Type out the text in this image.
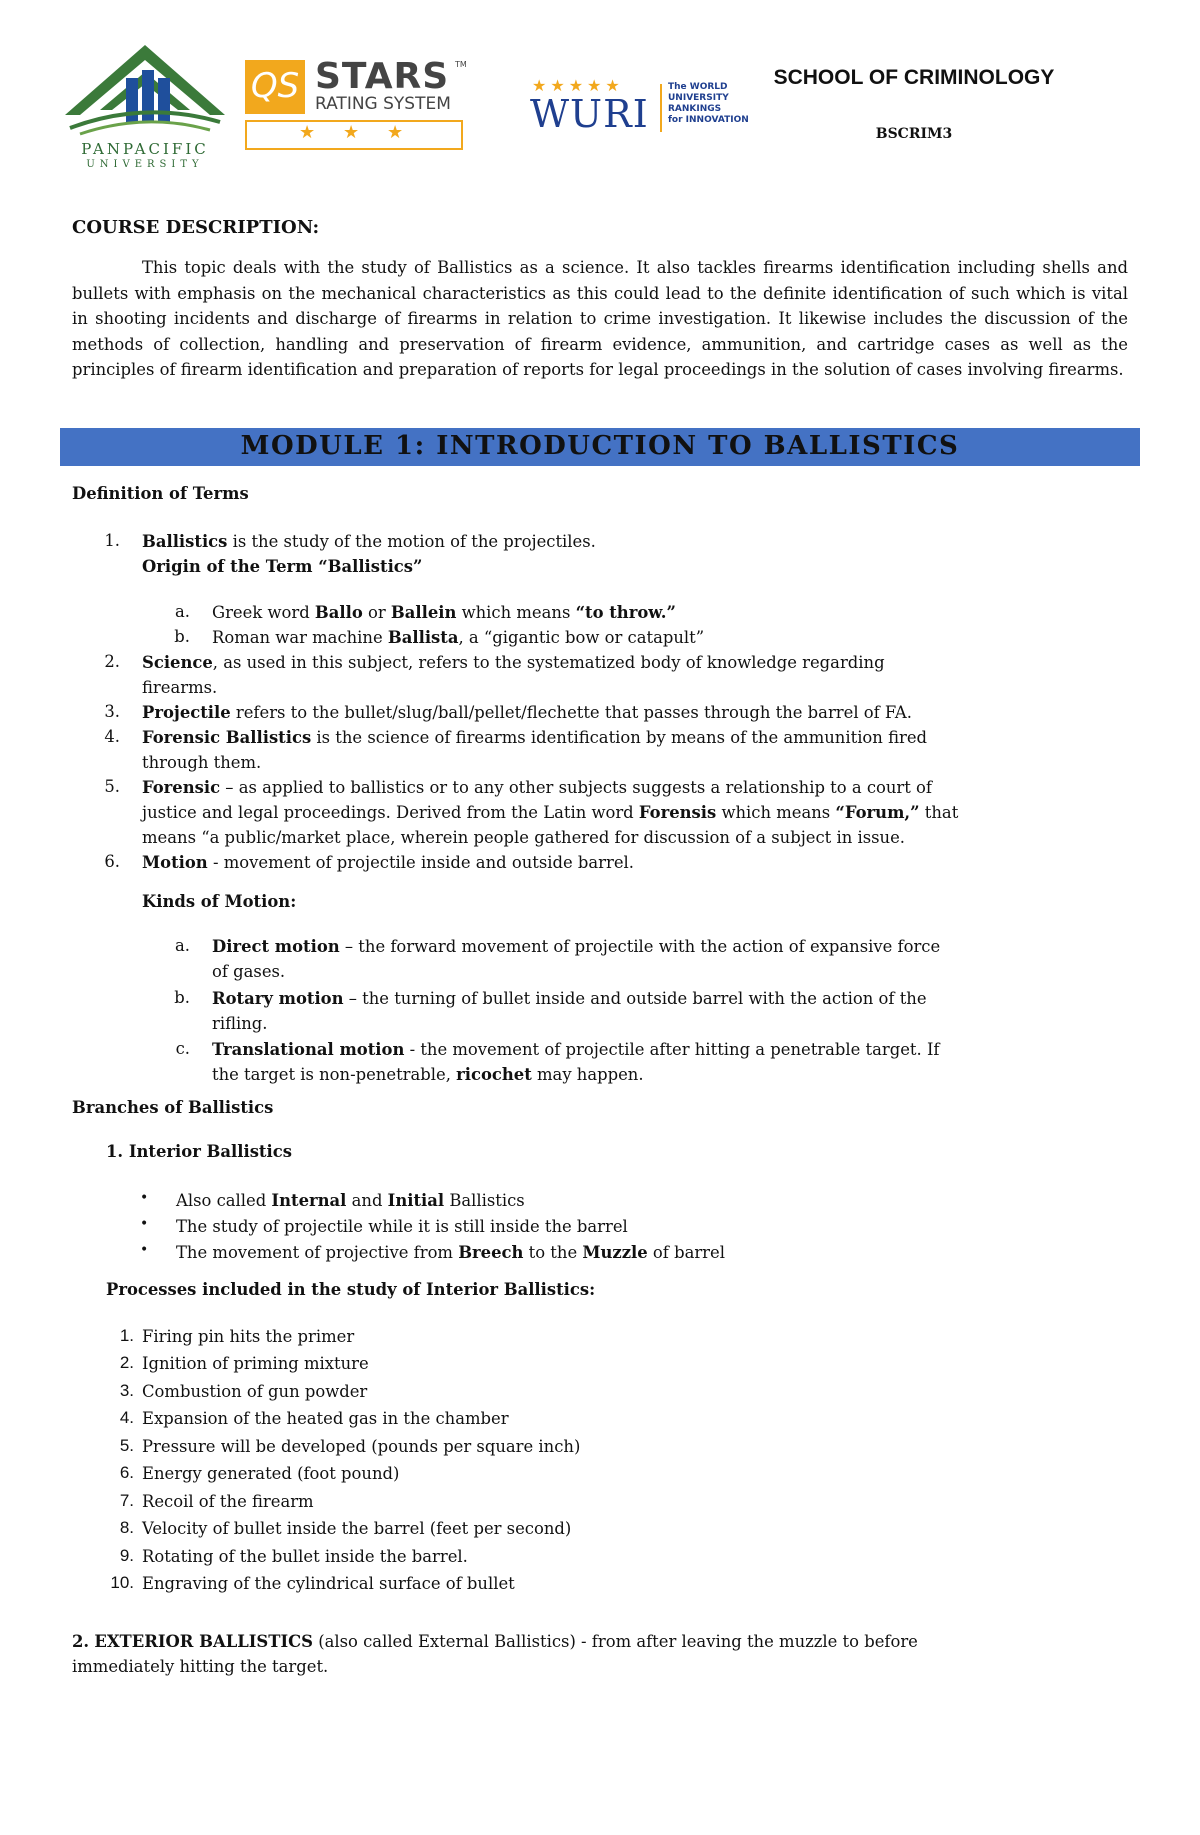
PANPACIFIC
UNIVERSITY
QS STARS TM
RATING SYSTEM
★ ★ ★
★★★★★
WURI
The WORLD
UNIVERSITY
RANKINGS
for INNOVATION
SCHOOL OF CRIMINOLOGY
BSCRIM3
COURSE DESCRIPTION:

This topic deals with the study of Ballistics as a science. It also tackles firearms identification including shells and bullets with emphasis on the mechanical characteristics as this could lead to the definite identification of such which is vital in shooting incidents and discharge of firearms in relation to crime investigation. It likewise includes the discussion of the methods of collection, handling and preservation of firearm evidence, ammunition, and cartridge cases as well as the principles of firearm identification and preparation of reports for legal proceedings in the solution of cases involving firearms.

MODULE 1: INTRODUCTION TO BALLISTICS
Definition of Terms
1. Ballistics is the study of the motion of the projectiles.
Origin of the Term “Ballistics”
a. Greek word Ballo or Ballein which means “to throw.”
b. Roman war machine Ballista, a “gigantic bow or catapult”
2. Science, as used in this subject, refers to the systematized body of knowledge regarding
firearms.
3. Projectile refers to the bullet/slug/ball/pellet/flechette that passes through the barrel of FA.
4. Forensic Ballistics is the science of firearms identification by means of the ammunition fired
through them.
5. Forensic – as applied to ballistics or to any other subjects suggests a relationship to a court of
justice and legal proceedings. Derived from the Latin word Forensis which means “Forum,” that
means “a public/market place, wherein people gathered for discussion of a subject in issue.
6. Motion - movement of projectile inside and outside barrel.
Kinds of Motion:
a. Direct motion – the forward movement of projectile with the action of expansive force
of gases.
b. Rotary motion – the turning of bullet inside and outside barrel with the action of the
rifling.
c. Translational motion - the movement of projectile after hitting a penetrable target. If
the target is non-penetrable, ricochet may happen.
Branches of Ballistics
1. Interior Ballistics
• Also called Internal and Initial Ballistics
• The study of projectile while it is still inside the barrel
• The movement of projective from Breech to the Muzzle of barrel
Processes included in the study of Interior Ballistics:
1. Firing pin hits the primer
2. Ignition of priming mixture
3. Combustion of gun powder
4. Expansion of the heated gas in the chamber
5. Pressure will be developed (pounds per square inch)
6. Energy generated (foot pound)
7. Recoil of the firearm
8. Velocity of bullet inside the barrel (feet per second)
9. Rotating of the bullet inside the barrel.
10. Engraving of the cylindrical surface of bullet
2. EXTERIOR BALLISTICS (also called External Ballistics) - from after leaving the muzzle to before
immediately hitting the target.
